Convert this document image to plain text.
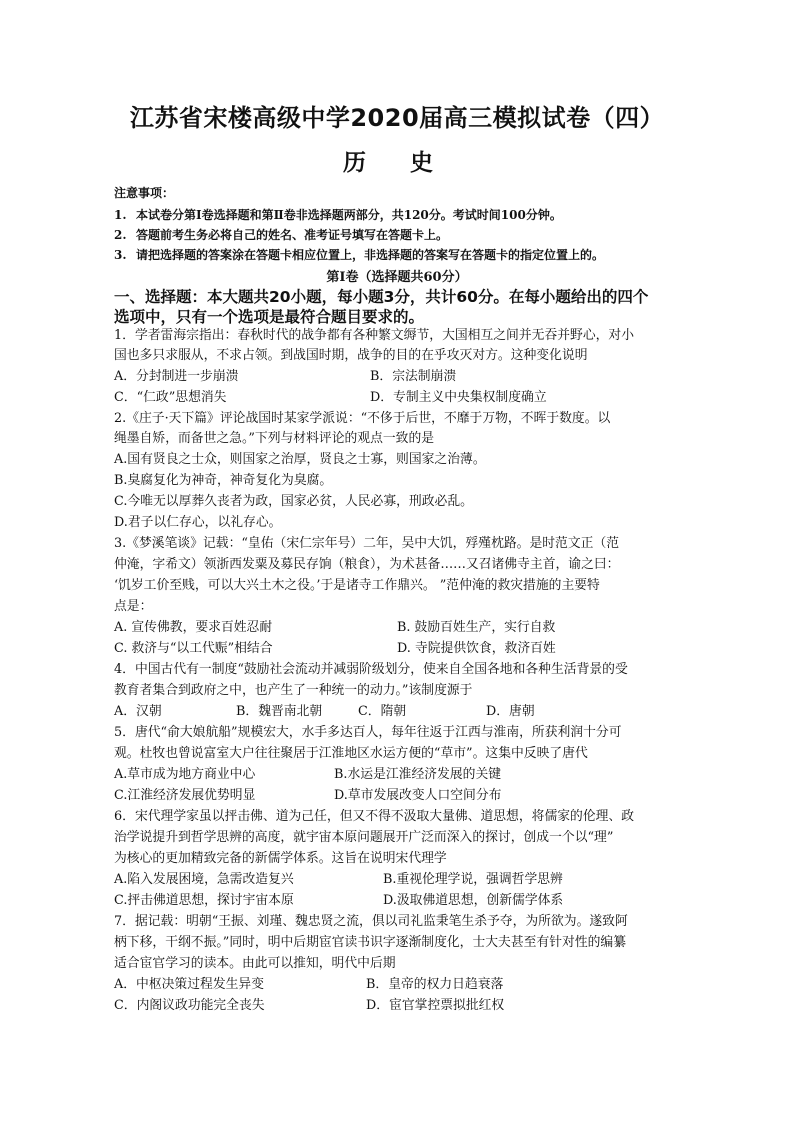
江苏省宋楼高级中学2020届高三模拟试卷（四）
历 史
注意事项：
1. 本试卷分第Ⅰ卷选择题和第Ⅱ卷非选择题两部分，共120分。考试时间100分钟。
2. 答题前考生务必将自己的姓名、准考证号填写在答题卡上。
3. 请把选择题的答案涂在答题卡相应位置上，非选择题的答案写在答题卡的指定位置上的。
第Ⅰ卷（选择题共60分）
一、选择题：本大题共20小题，每小题3分，共计60分。在每小题给出的四个
选项中，只有一个选项是最符合题目要求的。
1．学者雷海宗指出：春秋时代的战争都有各种繁文缛节，大国相互之间并无吞并野心，对小
国也多只求服从，不求占领。到战国时期，战争的目的在乎攻灭对方。这种变化说明
A．分封制进一步崩溃	B．宗法制崩溃
C．“仁政”思想消失	D．专制主义中央集权制度确立
2.《庄子·天下篇》评论战国时某家学派说：“不侈于后世，不靡于万物，不晖于数度。以
绳墨自矫，而备世之急。”下列与材料评论的观点一致的是
A.国有贤良之士众，则国家之治厚，贤良之士寡，则国家之治薄。
B.臭腐复化为神奇，神奇复化为臭腐。
C.今唯无以厚葬久丧者为政，国家必贫，人民必寡，刑政必乱。
D.君子以仁存心，以礼存心。
3.《梦溪笔谈》记载：“皇佑（宋仁宗年号）二年，吴中大饥，殍殣枕路。是时范文正（范
仲淹，字希文）领浙西发粟及募民存饷（粮食），为术甚备……又召诸佛寺主首，谕之曰：
‘饥岁工价至贱，可以大兴土木之役。’于是诸寺工作鼎兴。 ”范仲淹的救灾措施的主要特
点是：
A. 宣传佛教，要求百姓忍耐	B. 鼓励百姓生产，实行自救
C. 救济与“以工代赈”相结合	D. 寺院提供饮食，救济百姓
4．中国古代有一制度“鼓励社会流动并减弱阶级划分，使来自全国各地和各种生活背景的受
教育者集合到政府之中，也产生了一种统一的动力。”该制度源于
A．汉朝	B．魏晋南北朝	C．隋朝	D．唐朝
5．唐代“俞大娘航船”规模宏大，水手多达百人，每年往返于江西与淮南，所获利润十分可
观。杜牧也曾说富室大户往往聚居于江淮地区水运方便的“草市”。这集中反映了唐代
A.草市成为地方商业中心	B.水运是江淮经济发展的关键
C.江淮经济发展优势明显	D.草市发展改变人口空间分布
6．宋代理学家虽以抨击佛、道为己任，但又不得不汲取大量佛、道思想，将儒家的伦理、政
治学说提升到哲学思辨的高度，就宇宙本原问题展开广泛而深入的探讨，创成一个以“理”
为核心的更加精致完备的新儒学体系。这旨在说明宋代理学
A.陷入发展困境，急需改造复兴	B.重视伦理学说，强调哲学思辨
C.抨击佛道思想，探讨宇宙本原	D.汲取佛道思想，创新儒学体系
7．据记载：明朝“王振、刘瑾、魏忠贤之流，倶以司礼监秉笔生杀予夺，为所欲为。遂致阿
柄下移，干纲不振。”同时，明中后期宦官读书识字逐渐制度化，士大夫甚至有针对性的编纂
适合宦官学习的读本。由此可以推知，明代中后期
A．中枢决策过程发生异变	B．皇帝的权力日趋衰落
C．内阁议政功能完全丧失	D．宦官掌控票拟批红权
